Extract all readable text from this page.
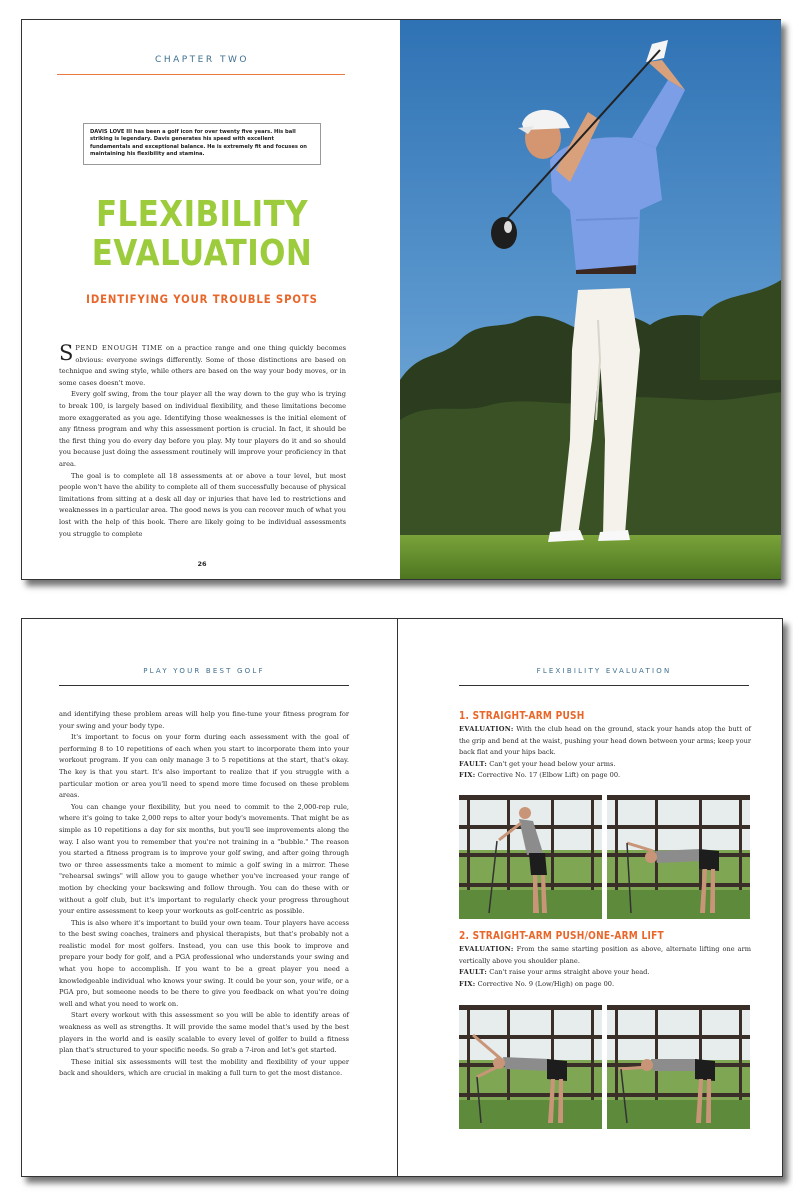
CHAPTER TWO
DAVIS LOVE III has been a golf icon for over twenty five years. His ball striking is legendary. Davis generates his speed with excellent fundamentals and exceptional balance. He is extremely fit and focuses on maintaining his flexibility and stamina.
FLEXIBILITY
EVALUATION
IDENTIFYING YOUR TROUBLE SPOTS

SPEND ENOUGH TIME on a practice range and one thing quickly becomes obvious: everyone swings differently. Some of those distinctions are based on technique and swing style, while others are based on the way your body moves, or in some cases doesn't move.

Every golf swing, from the tour player all the way down to the guy who is trying to break 100, is largely based on individual flexibility, and these limitations become more exaggerated as you age. Identifying those weaknesses is the initial element of any fitness program and why this assessment portion is crucial. In fact, it should be the first thing you do every day before you play. My tour players do it and so should you because just doing the assessment routinely will improve your proficiency in that area.

The goal is to complete all 18 assessments at or above a tour level, but most people won't have the ability to complete all of them successfully because of physical limitations from sitting at a desk all day or injuries that have led to restrictions and weaknesses in a particular area. The good news is you can recover much of what you lost with the help of this book. There are likely going to be individual assessments you struggle to complete

26
PLAY YOUR BEST GOLF	FLEXIBILITY EVALUATION

and identifying these problem areas will help you fine-tune your fitness program for your swing and your body type.

It's important to focus on your form during each assessment with the goal of performing 8 to 10 repetitions of each when you start to incorporate them into your workout program. If you can only manage 3 to 5 repetitions at the start, that's okay. The key is that you start. It's also important to realize that if you struggle with a particular motion or area you'll need to spend more time focused on these problem areas.

You can change your flexibility, but you need to commit to the 2,000-rep rule, where it's going to take 2,000 reps to alter your body's movements. That might be as simple as 10 repetitions a day for six months, but you'll see improvements along the way. I also want you to remember that you're not training in a "bubble." The reason you started a fitness program is to improve your golf swing, and after going through two or three assessments take a moment to mimic a golf swing in a mirror. These "rehearsal swings" will allow you to gauge whether you've increased your range of motion by checking your backswing and follow through. You can do these with or without a golf club, but it's important to regularly check your progress throughout your entire assessment to keep your workouts as golf-centric as possible.

This is also where it's important to build your own team. Tour players have access to the best swing coaches, trainers and physical therapists, but that's probably not a realistic model for most golfers. Instead, you can use this book to improve and prepare your body for golf, and a PGA professional who understands your swing and what you hope to accomplish. If you want to be a great player you need a knowledgeable individual who knows your swing. It could be your son, your wife, or a PGA pro, but someone needs to be there to give you feedback on what you're doing well and what you need to work on.

Start every workout with this assessment so you will be able to identify areas of weakness as well as strengths. It will provide the same model that's used by the best players in the world and is easily scalable to every level of golfer to build a fitness plan that's structured to your specific needs. So grab a 7-iron and let's get started.

These initial six assessments will test the mobility and flexibility of your upper back and shoulders, which are crucial in making a full turn to get the most distance.

1. STRAIGHT-ARM PUSH
EVALUATION: With the club head on the ground, stack your hands atop the butt of the grip and bend at the waist, pushing your head down between your arms; keep your back flat and your hips back.
FAULT: Can't get your head below your arms.
FIX: Corrective No. 17 (Elbow Lift) on page 00.
2. STRAIGHT-ARM PUSH/ONE-ARM LIFT
EVALUATION: From the same starting position as above, alternate lifting one arm vertically above you shoulder plane.
FAULT: Can't raise your arms straight above your head.
FIX: Corrective No. 9 (Low/High) on page 00.
